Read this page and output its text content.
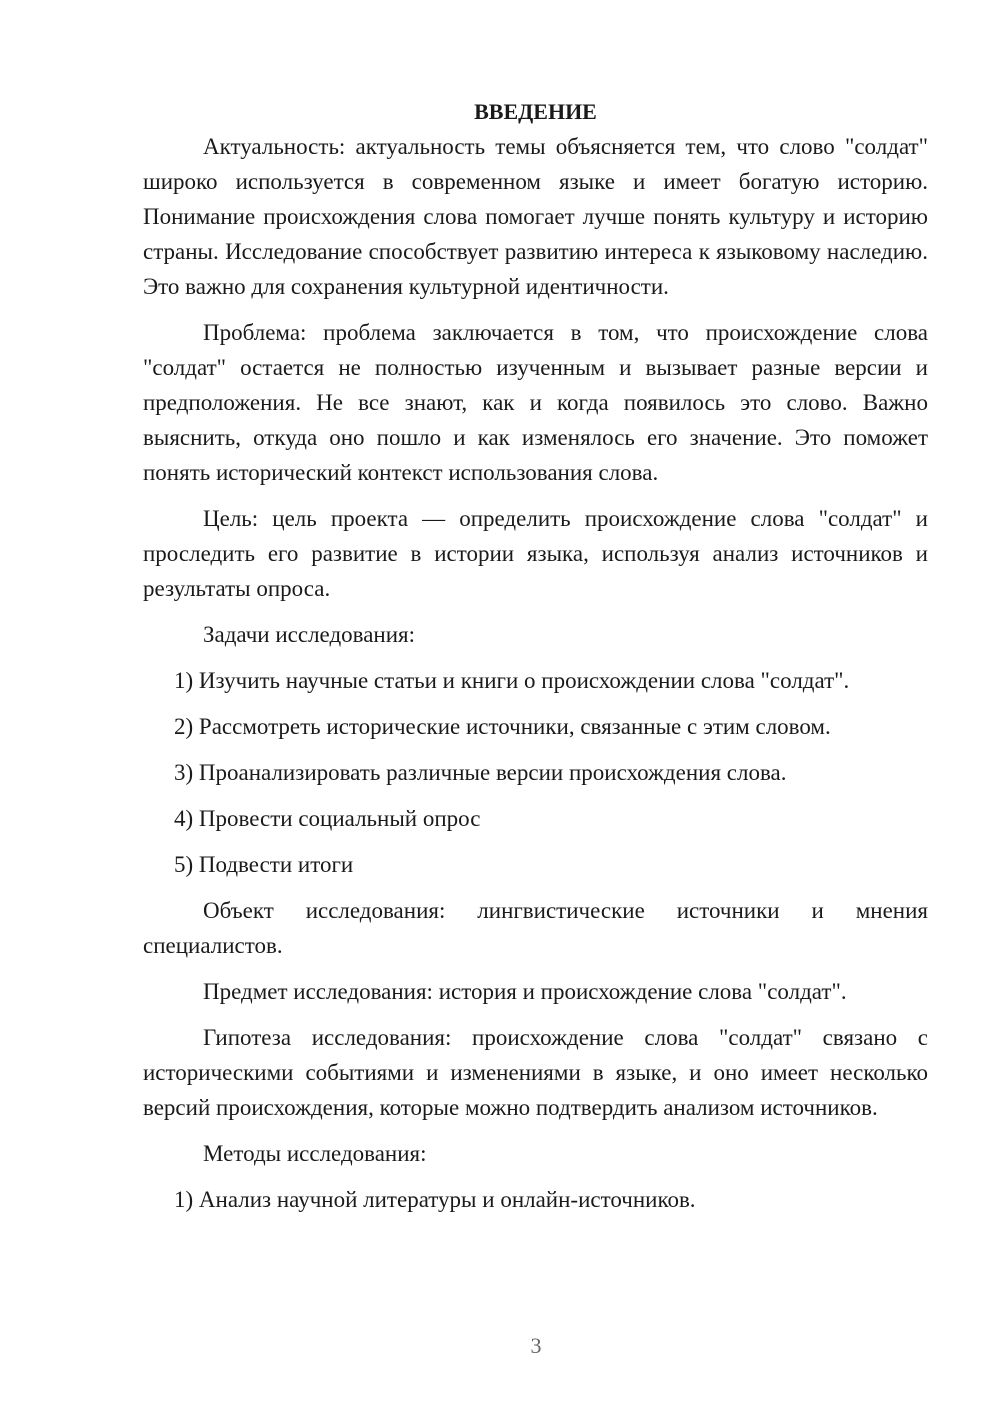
ВВЕДЕНИЕ

Актуальность: актуальность темы объясняется тем, что слово "солдат" широко используется в современном языке и имеет богатую историю. Понимание происхождения слова помогает лучше понять культуру и историю страны. Исследование способствует развитию интереса к языковому наследию. Это важно для сохранения культурной идентичности.

Проблема: проблема заключается в том, что происхождение слова "солдат" остается не полностью изученным и вызывает разные версии и предположения. Не все знают, как и когда появилось это слово. Важно выяснить, откуда оно пошло и как изменялось его значение. Это поможет понять исторический контекст использования слова.

Цель: цель проекта — определить происхождение слова "солдат" и проследить его развитие в истории языка, используя анализ источников и результаты опроса.

Задачи исследования:

1) Изучить научные статьи и книги о происхождении слова "солдат".

2) Рассмотреть исторические источники, связанные с этим словом.

3) Проанализировать различные версии происхождения слова.

4) Провести социальный опрос

5) Подвести итоги

Объект исследования: лингвистические источники и мнения специалистов.

Предмет исследования: история и происхождение слова "солдат".

Гипотеза исследования: происхождение слова "солдат" связано с историческими событиями и изменениями в языке, и оно имеет несколько версий происхождения, которые можно подтвердить анализом источников.

Методы исследования:

1) Анализ научной литературы и онлайн-источников.

3
